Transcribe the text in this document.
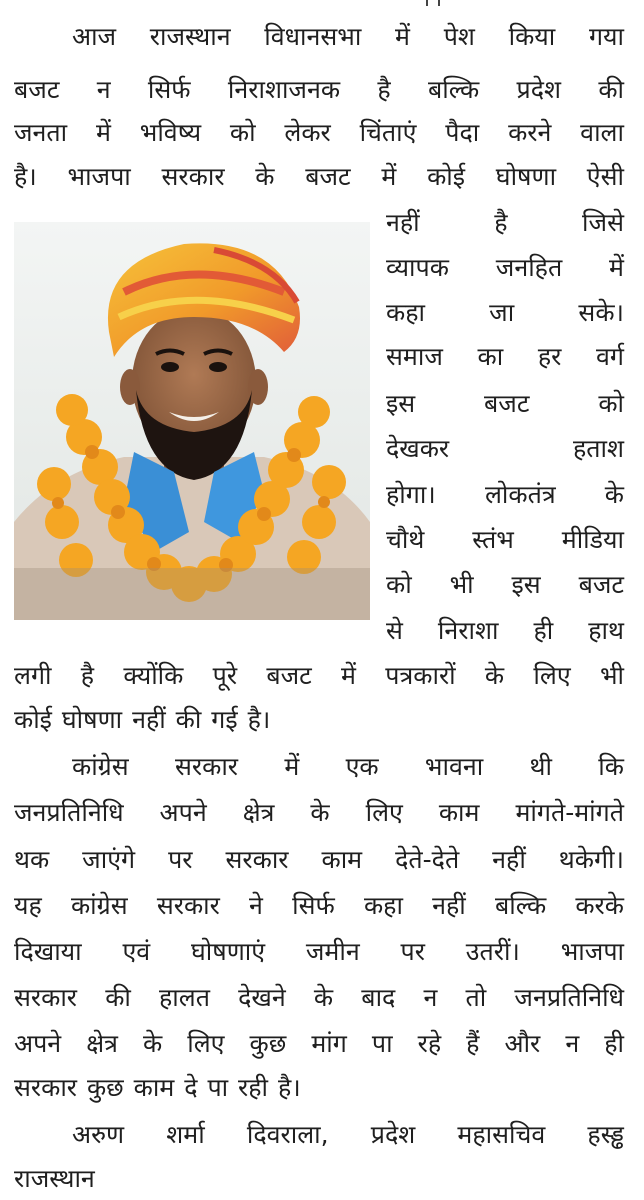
आज राजस्थान विधानसभा में पेश किया गया
बजट न सिर्फ निराशाजनक है बल्कि प्रदेश की
जनता में भविष्य को लेकर चिंताएं पैदा करने वाला
है। भाजपा सरकार के बजट में कोई घोषणा ऐसी
नहीं है जिसे
व्यापक जनहित में
कहा जा सके।
समाज का हर वर्ग
इस बजट को
देखकर हताश
होगा। लोकतंत्र के
चौथे स्तंभ मीडिया
को भी इस बजट
से निराशा ही हाथ
लगी है क्योंकि पूरे बजट में पत्रकारों के लिए भी
कोई घोषणा नहीं की गई है।
कांग्रेस सरकार में एक भावना थी कि
जनप्रतिनिधि अपने क्षेत्र के लिए काम मांगते-मांगते
थक जाएंगे पर सरकार काम देते-देते नहीं थकेगी।
यह कांग्रेस सरकार ने सिर्फ कहा नहीं बल्कि करके
दिखाया एवं घोषणाएं जमीन पर उतरीं। भाजपा
सरकार की हालत देखने के बाद न तो जनप्रतिनिधि
अपने क्षेत्र के लिए कुछ मांग पा रहे हैं और न ही
सरकार कुछ काम दे पा रही है।
अरुण शर्मा दिवराला, प्रदेश महासचिव हस्ड्ढ
राजस्थान
